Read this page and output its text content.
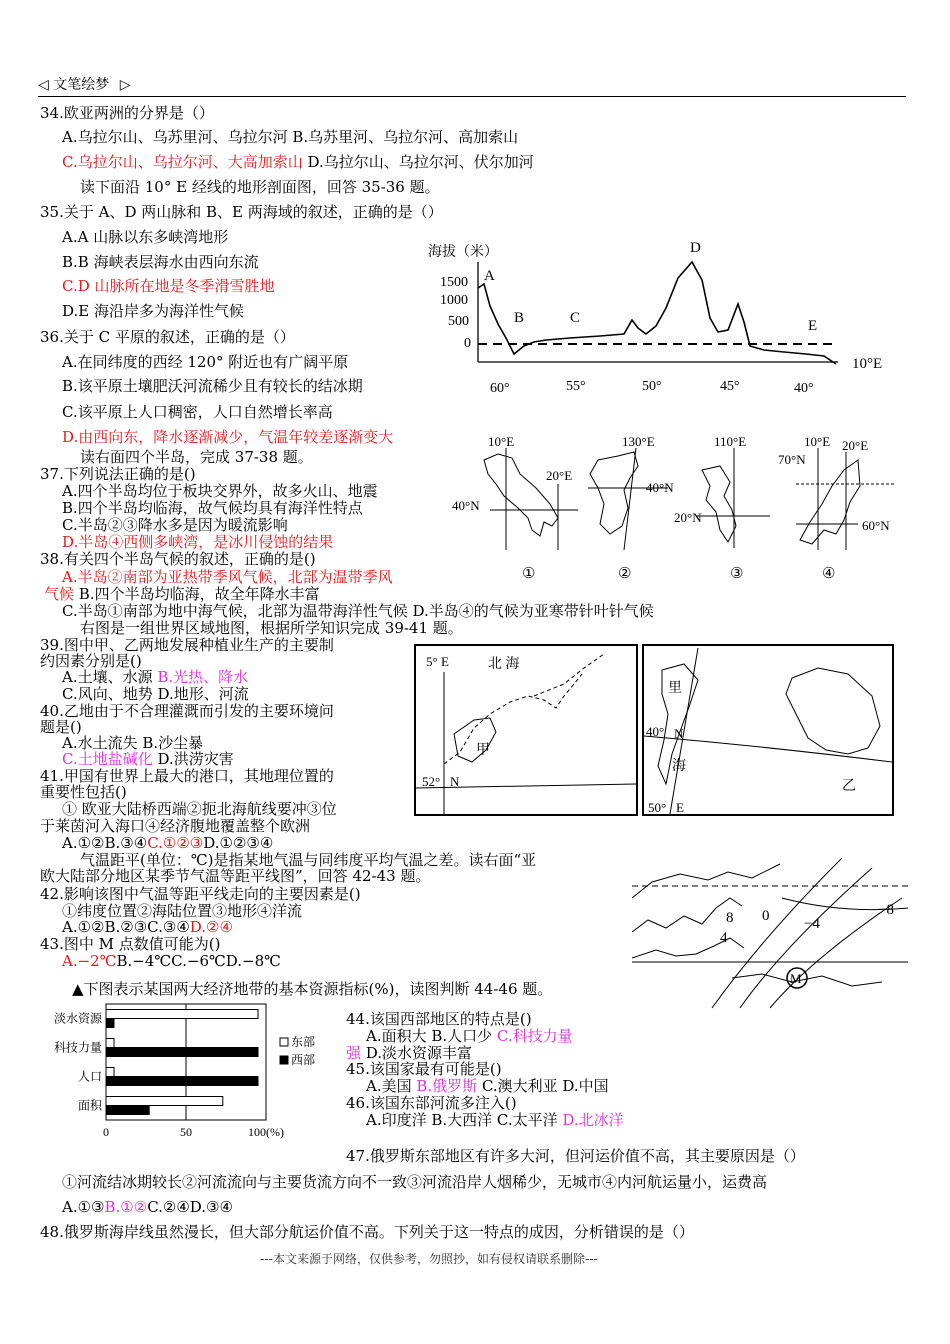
◁ 文笔绘梦 ▷
34.欧亚两洲的分界是（）
A.乌拉尔山、乌苏里河、乌拉尔河 B.乌苏里河、乌拉尔河、高加索山
C.乌拉尔山、乌拉尔河、大高加索山 D.乌拉尔山、乌拉尔河、伏尔加河
读下面沿 10° E 经线的地形剖面图，回答 35-36 题。
35.关于 A、D 两山脉和 B、E 两海域的叙述，正确的是（）
A.A 山脉以东多峡湾地形
B.B 海峡表层海水由西向东流
C.D 山脉所在地是冬季滑雪胜地
D.E 海沿岸多为海洋性气候
36.关于 C 平原的叙述，正确的是（）
A.在同纬度的西经 120° 附近也有广阔平原
B.该平原土壤肥沃河流稀少且有较长的结冰期
C.该平原上人口稠密，人口自然增长率高
D.由西向东，降水逐渐减少，气温年较差逐渐变大
读右面四个半岛，完成 37-38 题。
37.下列说法正确的是()
A.四个半岛均位于板块交界外，故多火山、地震
B.四个半岛均临海，故气候均具有海洋性特点
C.半岛②③降水多是因为暖流影响
D.半岛④西侧多峡湾，是冰川侵蚀的结果
38.有关四个半岛气候的叙述，正确的是()
A.半岛②南部为亚热带季风气候，北部为温带季风
气候 B.四个半岛均临海，故全年降水丰富
C.半岛①南部为地中海气候，北部为温带海洋性气候 D.半岛④的气候为亚寒带针叶针气候
右图是一组世界区域地图，根据所学知识完成 39-41 题。
39.图中甲、乙两地发展种植业生产的主要制
约因素分别是()
A.土壤、水源 B.光热、降水
C.风向、地势 D.地形、河流
40.乙地由于不合理灌溉而引发的主要环境问
题是()
A.水土流失 B.沙尘暴
C.土地盐碱化 D.洪涝灾害
41.甲国有世界上最大的港口，其地理位置的
重要性包括()
① 欧亚大陆桥西端②扼北海航线要冲③位
于莱茵河入海口④经济腹地覆盖整个欧洲
A.①②B.③④C.①②③D.①②③④
气温距平(单位：℃)是指某地气温与同纬度平均气温之差。读右面“亚
欧大陆部分地区某季节气温等距平线图”，回答 42-43 题。
42.影响该图中气温等距平线走向的主要因素是()
①纬度位置②海陆位置③地形④洋流
A.①②B.②③C.③④D.②④
43.图中 M 点数值可能为()
A.−2℃B.−4℃C.−6℃D.−8℃
▲下图表示某国两大经济地带的基本资源指标(%)，读图判断 44-46 题。
44.该国西部地区的特点是()
A.面积大 B.人口少 C.科技力量
强 D.淡水资源丰富
45.该国家最有可能是()
A.美国 B.俄罗斯 C.澳大利亚 D.中国
46.该国东部河流多注入()
A.印度洋 B.大西洋 C.太平洋 D.北冰洋
47.俄罗斯东部地区有许多大河，但河运价值不高，其主要原因是（）
①河流结冰期较长②河流流向与主要货流方向不一致③河流沿岸人烟稀少，无城市④内河航运量小，运费高
A.①③B.①②C.②④D.③④
48.俄罗斯海岸线虽然漫长，但大部分航运价值不高。下列关于这一特点的成因，分析错误的是（）
---本文来源于网络，仅供参考，勿照抄，如有侵权请联系删除---
海拔（米）
1500
1000
500
0
A
B	C
D
E
10°E
60°	55°	50°	45°	40°
10°E
20°E
40°N
①
130°E
40°N
②
110°E
20°N
③
10°E 20°E
70°N
60°N
④
5° E	北 海
甲
52° N
里
40° N
海
乙
50° E
8 0 −4
−8
4
M
淡水资源
科技力量
人口
面积
0	50	100(%)
东部
西部
